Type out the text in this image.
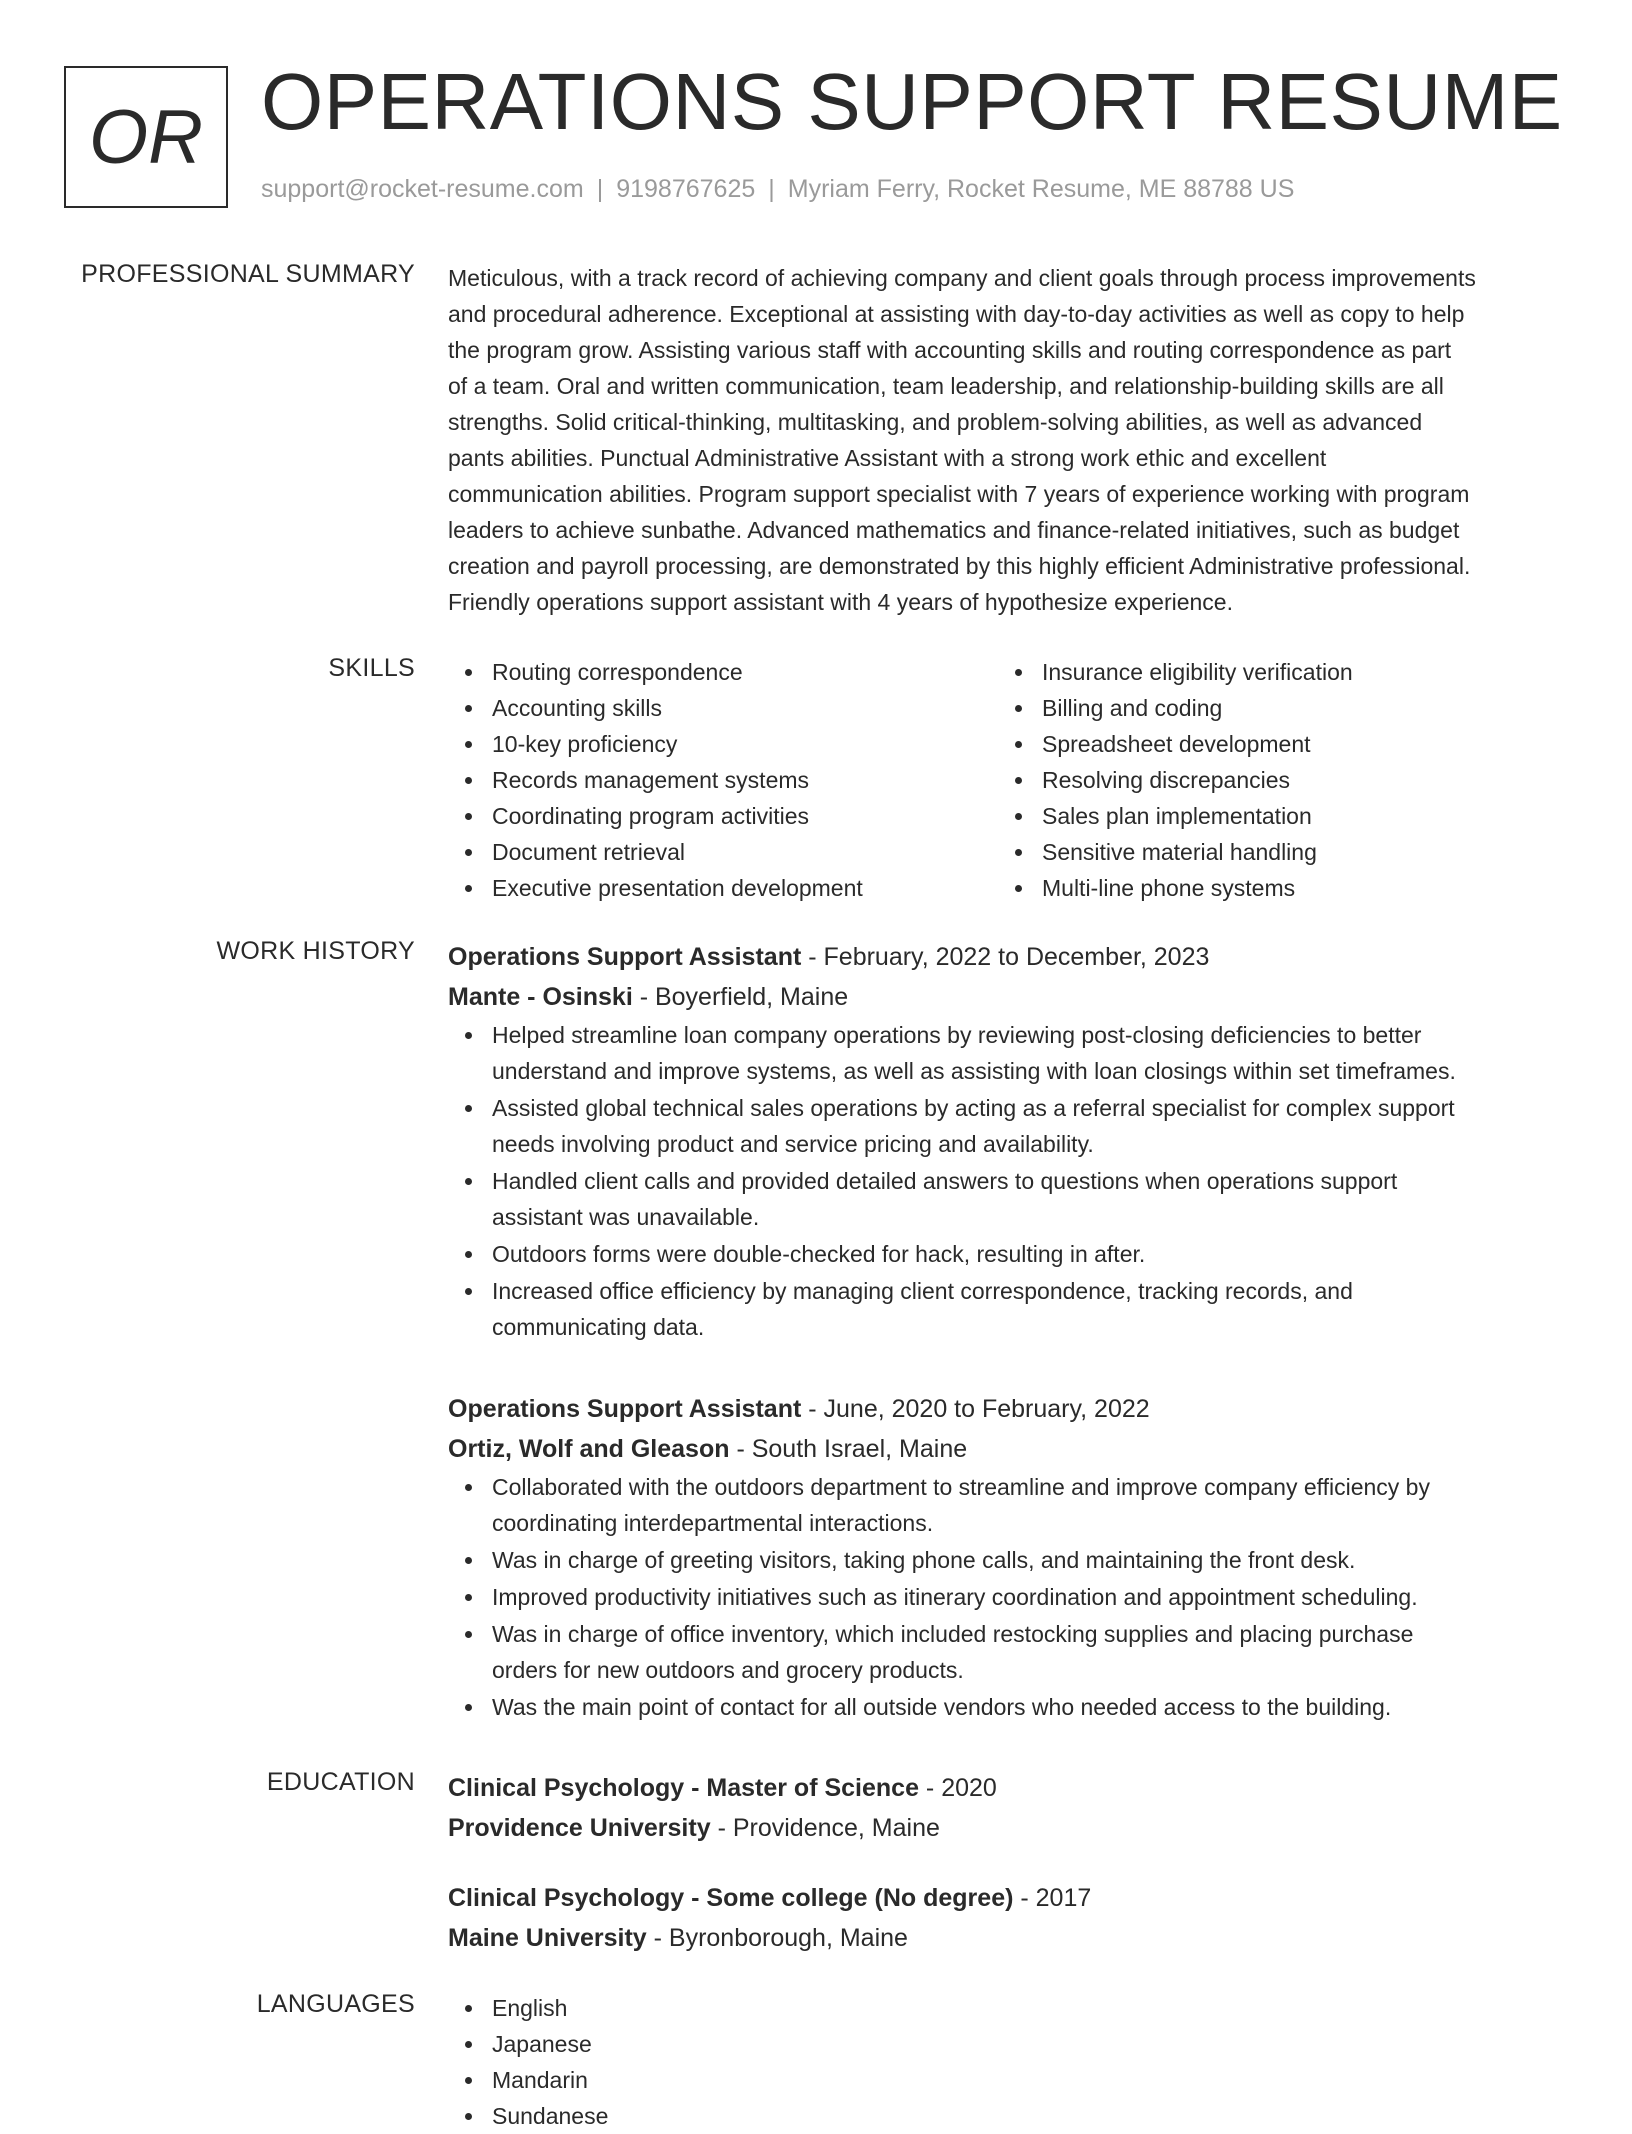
OR OPERATIONS SUPPORT RESUME
support@rocket-resume.com | 9198767625 | Myriam Ferry, Rocket Resume, ME 88788 US
PROFESSIONAL SUMMARY Meticulous, with a track record of achieving company and client goals through process improvements
and procedural adherence. Exceptional at assisting with day-to-day activities as well as copy to help
the program grow. Assisting various staff with accounting skills and routing correspondence as part
of a team. Oral and written communication, team leadership, and relationship-building skills are all
strengths. Solid critical-thinking, multitasking, and problem-solving abilities, as well as advanced
pants abilities. Punctual Administrative Assistant with a strong work ethic and excellent
communication abilities. Program support specialist with 7 years of experience working with program
leaders to achieve sunbathe. Advanced mathematics and finance-related initiatives, such as budget
creation and payroll processing, are demonstrated by this highly efficient Administrative professional.
Friendly operations support assistant with 4 years of hypothesize experience.
SKILLS	Routing correspondence
Accounting skills
10-key proficiency
Records management systems
Coordinating program activities
Document retrieval
Executive presentation development
Insurance eligibility verification
Billing and coding
Spreadsheet development
Resolving discrepancies
Sales plan implementation
Sensitive material handling
Multi-line phone systems
WORK HISTORY Operations Support Assistant - February, 2022 to December, 2023
Mante - Osinski - Boyerfield, Maine
Helped streamline loan company operations by reviewing post-closing deficiencies to better
understand and improve systems, as well as assisting with loan closings within set timeframes.
Assisted global technical sales operations by acting as a referral specialist for complex support
needs involving product and service pricing and availability.
Handled client calls and provided detailed answers to questions when operations support
assistant was unavailable.
Outdoors forms were double-checked for hack, resulting in after.
Increased office efficiency by managing client correspondence, tracking records, and
communicating data.
Operations Support Assistant - June, 2020 to February, 2022
Ortiz, Wolf and Gleason - South Israel, Maine
Collaborated with the outdoors department to streamline and improve company efficiency by
coordinating interdepartmental interactions.
Was in charge of greeting visitors, taking phone calls, and maintaining the front desk.
Improved productivity initiatives such as itinerary coordination and appointment scheduling.
Was in charge of office inventory, which included restocking supplies and placing purchase
orders for new outdoors and grocery products.
Was the main point of contact for all outside vendors who needed access to the building.
EDUCATION Clinical Psychology - Master of Science - 2020
Providence University - Providence, Maine
Clinical Psychology - Some college (No degree) - 2017
Maine University - Byronborough, Maine
LANGUAGES	English
Japanese
Mandarin
Sundanese
